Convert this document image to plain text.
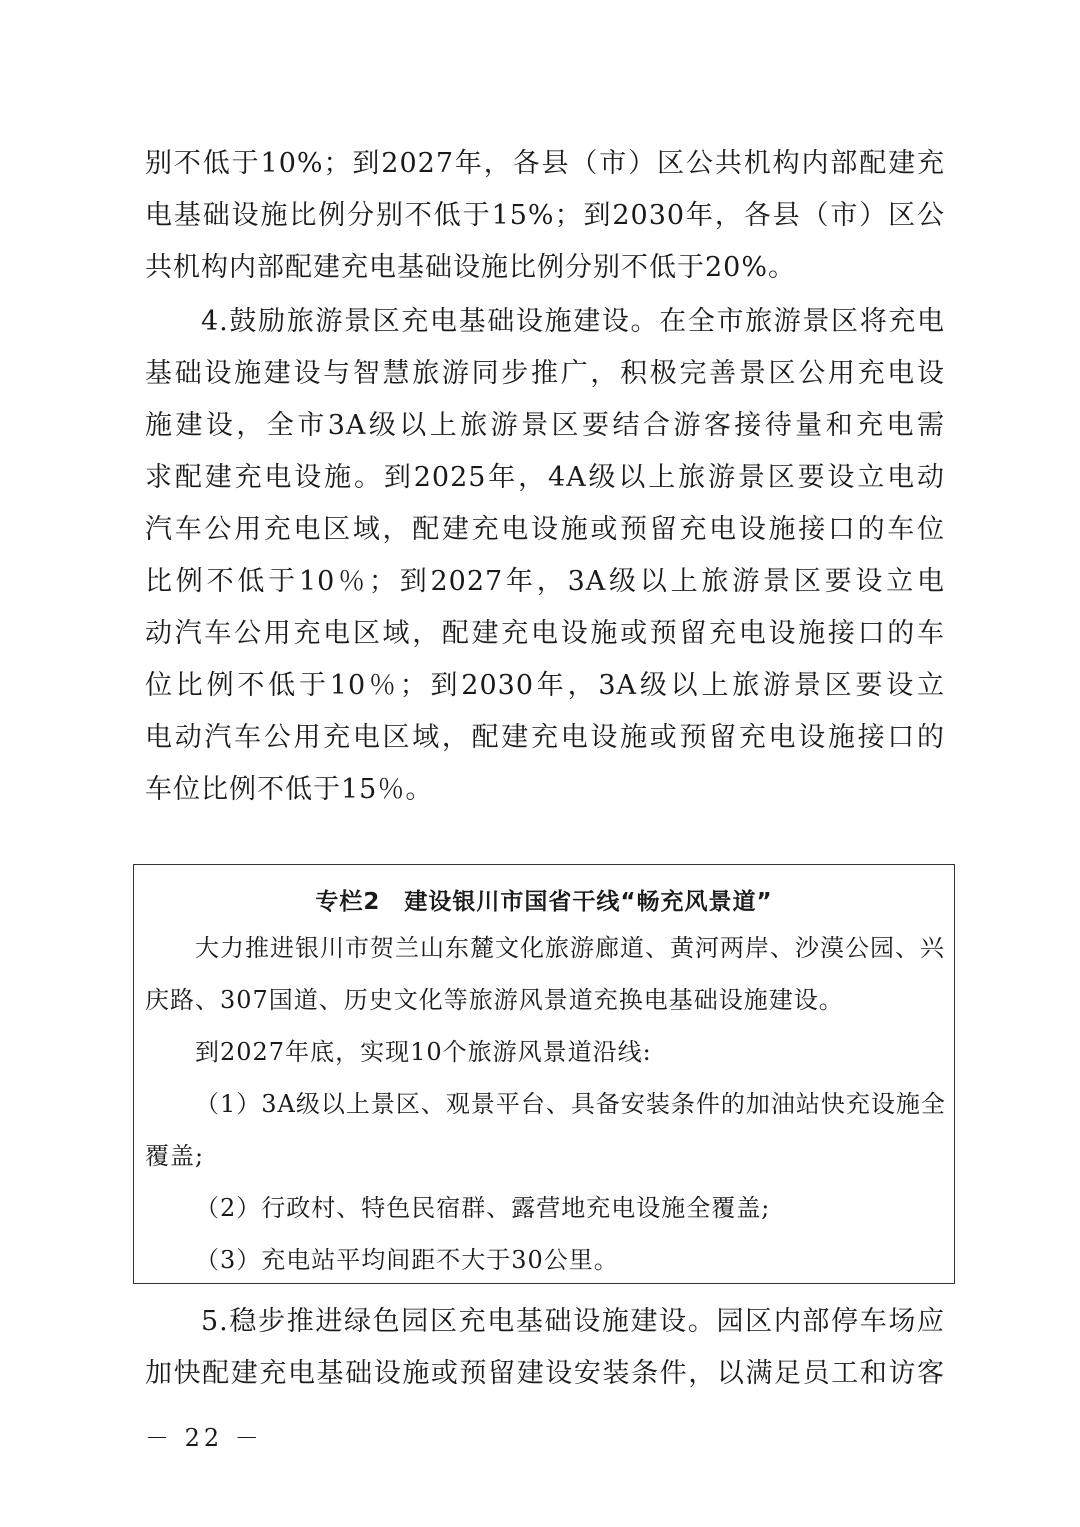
别不低于10%；到2027年，各县（市）区公共机构内部配建充
电基础设施比例分别不低于15%；到2030年，各县（市）区公
共机构内部配建充电基础设施比例分别不低于20%。
4.鼓励旅游景区充电基础设施建设。在全市旅游景区将充电
基础设施建设与智慧旅游同步推广，积极完善景区公用充电设
施建设，全市3A级以上旅游景区要结合游客接待量和充电需
求配建充电设施。到2025年，4A级以上旅游景区要设立电动
汽车公用充电区域，配建充电设施或预留充电设施接口的车位
比例不低于10％；到2027年，3A级以上旅游景区要设立电
动汽车公用充电区域，配建充电设施或预留充电设施接口的车
位比例不低于10％；到2030年，3A级以上旅游景区要设立
电动汽车公用充电区域，配建充电设施或预留充电设施接口的
车位比例不低于15％。
专栏2　建设银川市国省干线“畅充风景道”
大力推进银川市贺兰山东麓文化旅游廊道、黄河两岸、沙漠公园、兴
庆路、307国道、历史文化等旅游风景道充换电基础设施建设。
到2027年底，实现10个旅游风景道沿线:
（1）3A级以上景区、观景平台、具备安装条件的加油站快充设施全
覆盖;
（2）行政村、特色民宿群、露营地充电设施全覆盖;
（3）充电站平均间距不大于30公里。
5.稳步推进绿色园区充电基础设施建设。园区内部停车场应
加快配建充电基础设施或预留建设安装条件，以满足员工和访客
－ 22 －
